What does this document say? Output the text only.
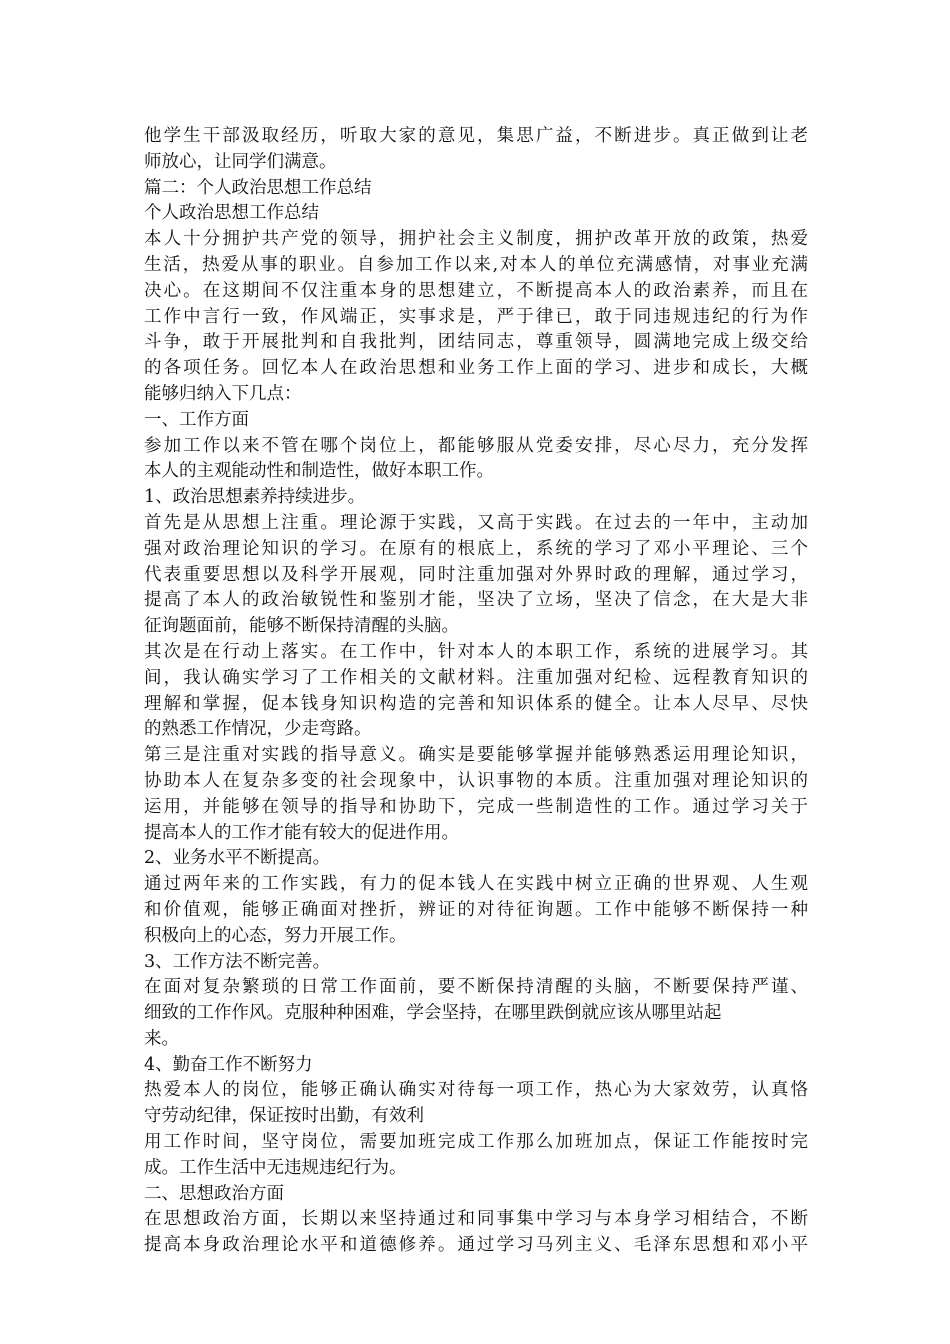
他学生干部汲取经历，听取大家的意见，集思广益，不断进步。真正做到让老
师放心，让同学们满意。
篇二：个人政治思想工作总结
个人政治思想工作总结
本人十分拥护共产党的领导，拥护社会主义制度，拥护改革开放的政策，热爱
生活，热爱从事的职业。自参加工作以来,对本人的单位充满感情，对事业充满
决心。在这期间不仅注重本身的思想建立，不断提高本人的政治素养，而且在
工作中言行一致，作风端正，实事求是，严于律已，敢于同违规违纪的行为作
斗争，敢于开展批判和自我批判，团结同志，尊重领导，圆满地完成上级交给
的各项任务。回忆本人在政治思想和业务工作上面的学习、进步和成长，大概
能够归纳入下几点：
一、工作方面
参加工作以来不管在哪个岗位上，都能够服从党委安排，尽心尽力，充分发挥
本人的主观能动性和制造性，做好本职工作。
1、政治思想素养持续进步。
首先是从思想上注重。理论源于实践，又高于实践。在过去的一年中，主动加
强对政治理论知识的学习。在原有的根底上，系统的学习了邓小平理论、三个
代表重要思想以及科学开展观，同时注重加强对外界时政的理解，通过学习，
提高了本人的政治敏锐性和鉴别才能，坚决了立场，坚决了信念，在大是大非
征询题面前，能够不断保持清醒的头脑。
其次是在行动上落实。在工作中，针对本人的本职工作，系统的进展学习。其
间，我认确实学习了工作相关的文献材料。注重加强对纪检、远程教育知识的
理解和掌握，促本钱身知识构造的完善和知识体系的健全。让本人尽早、尽快
的熟悉工作情况，少走弯路。
第三是注重对实践的指导意义。确实是要能够掌握并能够熟悉运用理论知识，
协助本人在复杂多变的社会现象中，认识事物的本质。注重加强对理论知识的
运用，并能够在领导的指导和协助下，完成一些制造性的工作。通过学习关于
提高本人的工作才能有较大的促进作用。
2、业务水平不断提高。
通过两年来的工作实践，有力的促本钱人在实践中树立正确的世界观、人生观
和价值观，能够正确面对挫折，辨证的对待征询题。工作中能够不断保持一种
积极向上的心态，努力开展工作。
3、工作方法不断完善。
在面对复杂繁琐的日常工作面前，要不断保持清醒的头脑，不断要保持严谨、
细致的工作作风。克服种种困难，学会坚持，在哪里跌倒就应该从哪里站起
来。
4、勤奋工作不断努力
热爱本人的岗位，能够正确认确实对待每一项工作，热心为大家效劳，认真恪
守劳动纪律，保证按时出勤，有效利
用工作时间，坚守岗位，需要加班完成工作那么加班加点，保证工作能按时完
成。工作生活中无违规违纪行为。
二、思想政治方面
在思想政治方面，长期以来坚持通过和同事集中学习与本身学习相结合，不断
提高本身政治理论水平和道德修养。通过学习马列主义、毛泽东思想和邓小平
